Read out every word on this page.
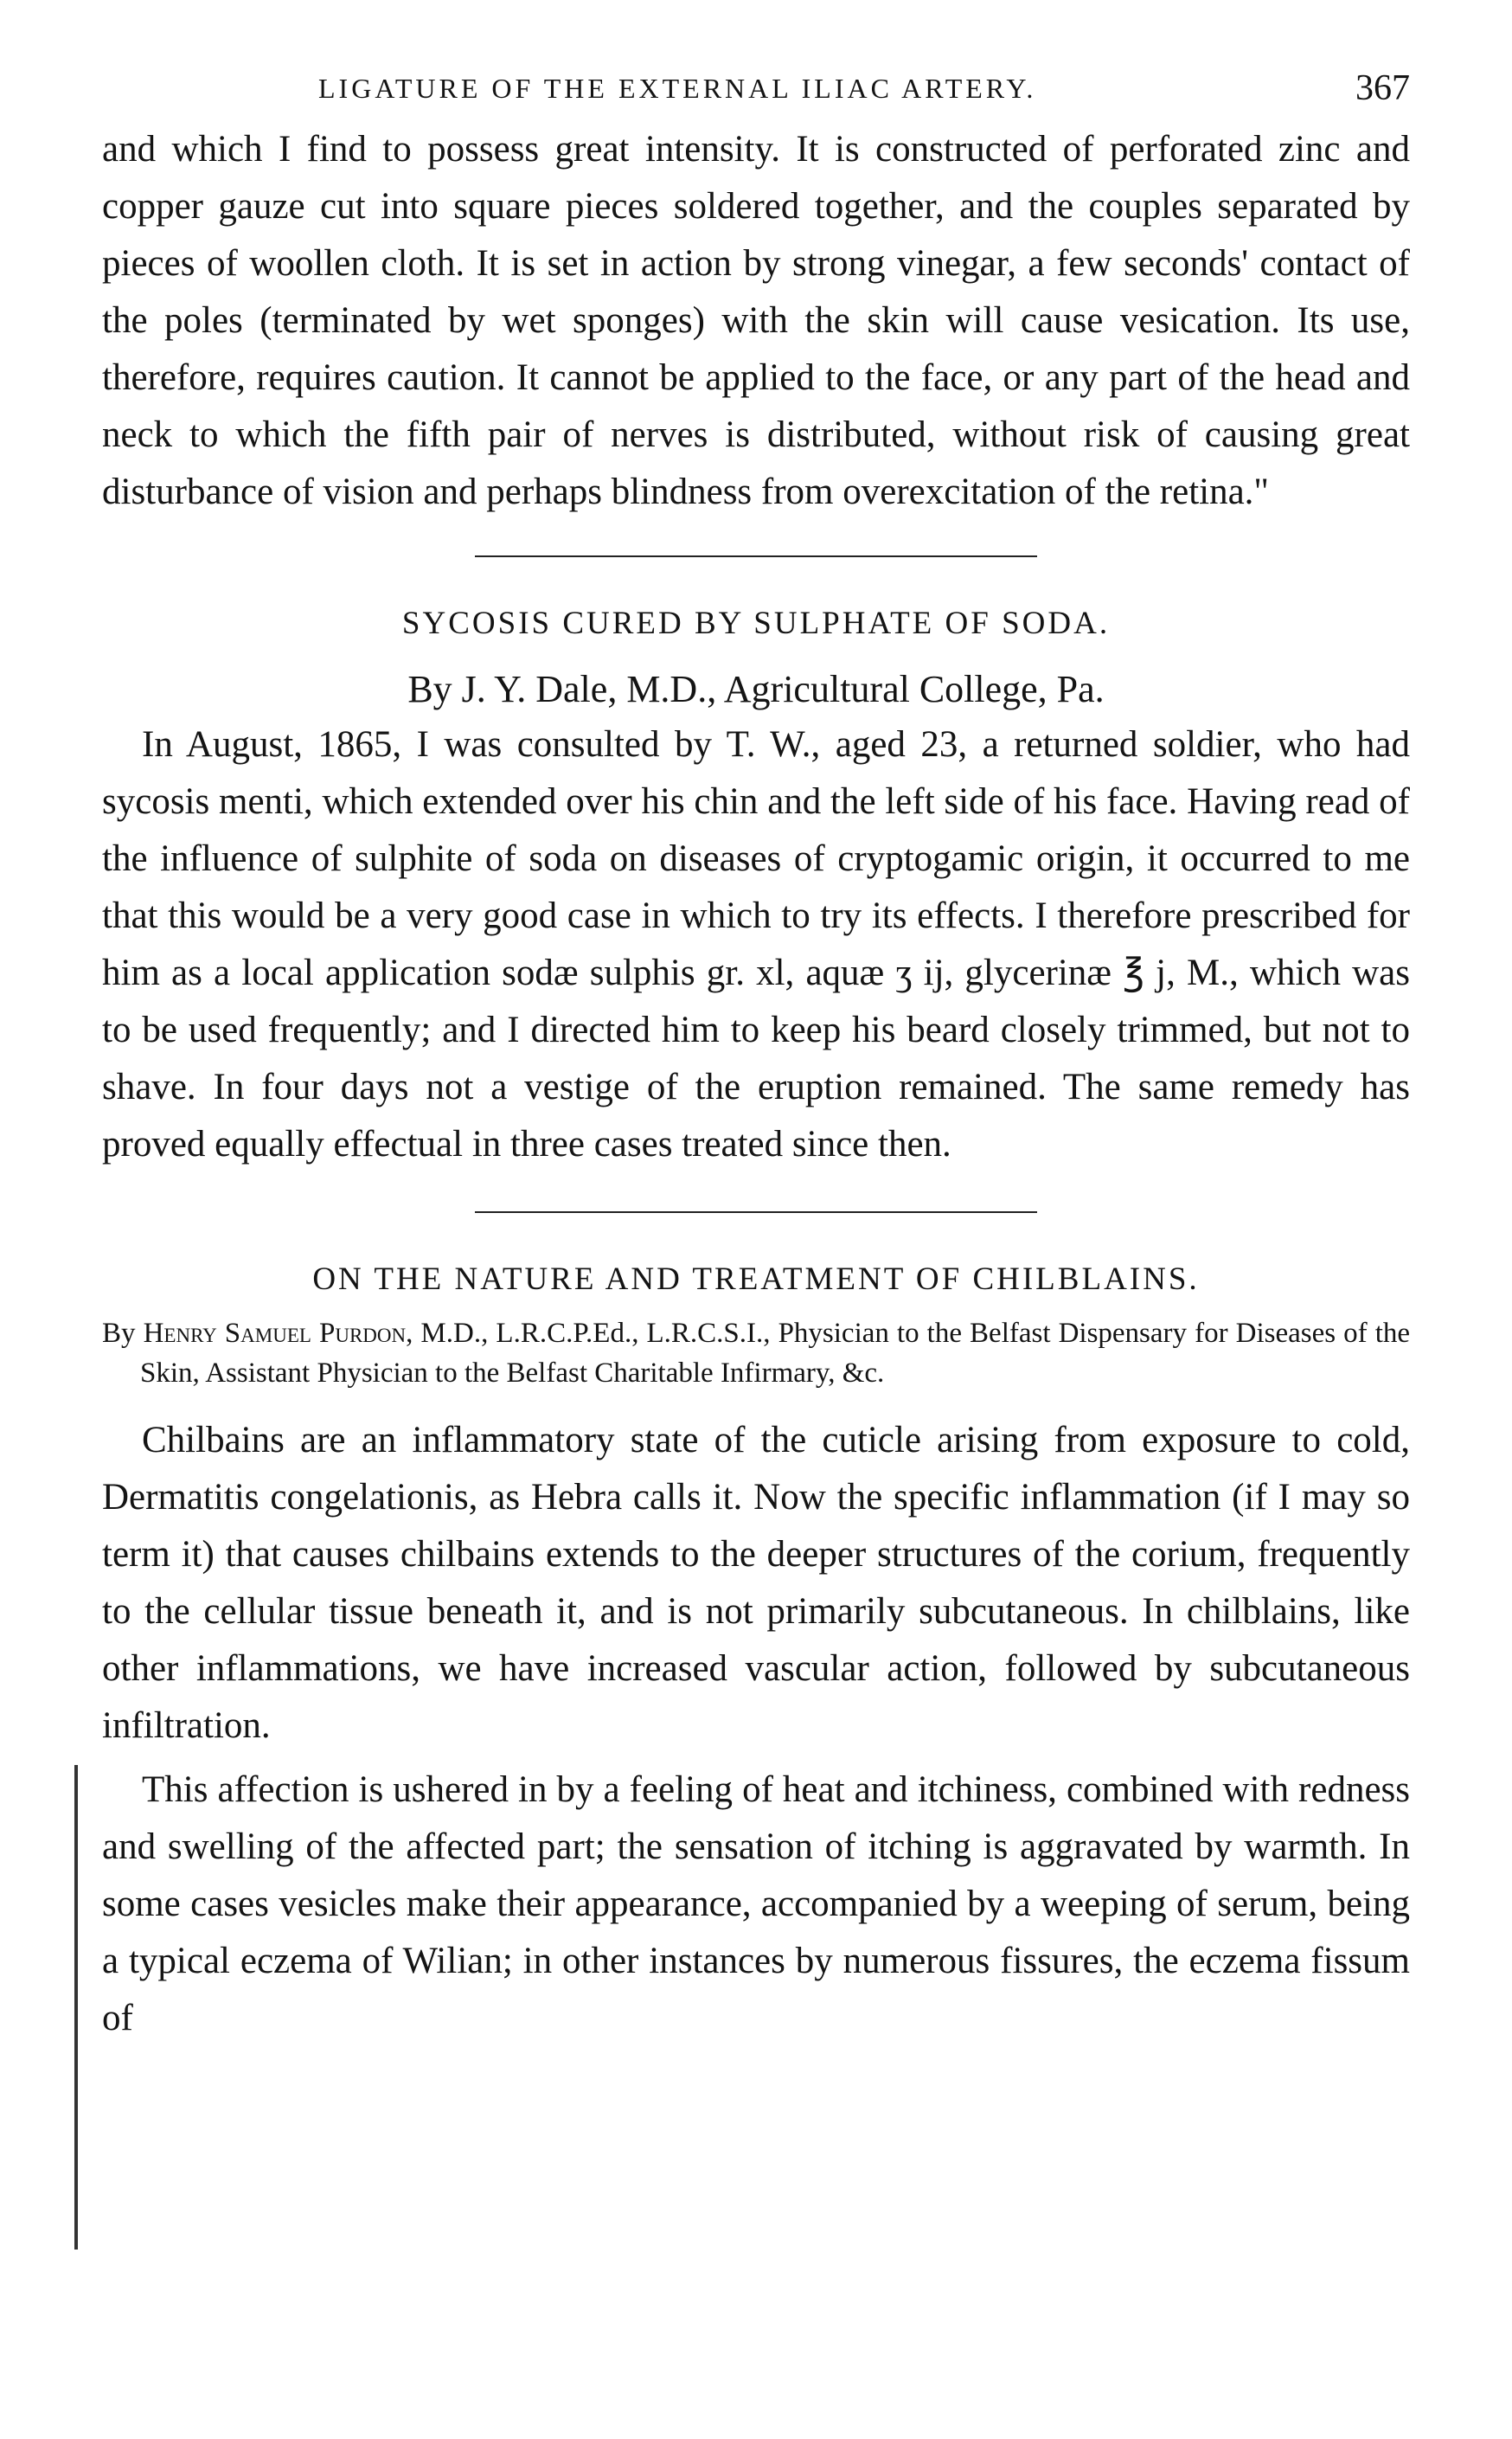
LIGATURE OF THE EXTERNAL ILIAC ARTERY.	367

and which I find to possess great intensity. It is constructed of perforated zinc and copper gauze cut into square pieces soldered together, and the couples separated by pieces of woollen cloth. It is set in action by strong vinegar, a few seconds' contact of the poles (terminated by wet sponges) with the skin will cause vesication. Its use, therefore, requires caution. It cannot be applied to the face, or any part of the head and neck to which the fifth pair of nerves is distributed, without risk of causing great disturbance of vision and perhaps blindness from overexcitation of the retina."

SYCOSIS CURED BY SULPHATE OF SODA.
By J. Y. Dale, M.D., Agricultural College, Pa.

In August, 1865, I was consulted by T. W., aged 23, a returned soldier, who had sycosis menti, which extended over his chin and the left side of his face. Having read of the influence of sulphite of soda on diseases of cryptogamic origin, it occurred to me that this would be a very good case in which to try its effects. I therefore prescribed for him as a local application sodæ sulphis gr. xl, aquæ ʒ ij, glycerinæ ℥ j, M., which was to be used frequently; and I directed him to keep his beard closely trimmed, but not to shave. In four days not a vestige of the eruption remained. The same remedy has proved equally effectual in three cases treated since then.

ON THE NATURE AND TREATMENT OF CHILBLAINS.
By Henry Samuel Purdon, M.D., L.R.C.P.Ed., L.R.C.S.I., Physician to the Belfast Dispensary for Diseases of the Skin, Assistant Physician to the Belfast Charitable Infirmary, &c.

Chilbains are an inflammatory state of the cuticle arising from exposure to cold, Dermatitis congelationis, as Hebra calls it. Now the specific inflammation (if I may so term it) that causes chilbains extends to the deeper structures of the corium, frequently to the cellular tissue beneath it, and is not primarily subcutaneous. In chilblains, like other inflammations, we have increased vascular action, followed by subcutaneous infiltration.

This affection is ushered in by a feeling of heat and itchiness, combined with redness and swelling of the affected part; the sensation of itching is aggravated by warmth. In some cases vesicles make their appearance, accompanied by a weeping of serum, being a typical eczema of Wilian; in other instances by numerous fissures, the eczema fissum of
